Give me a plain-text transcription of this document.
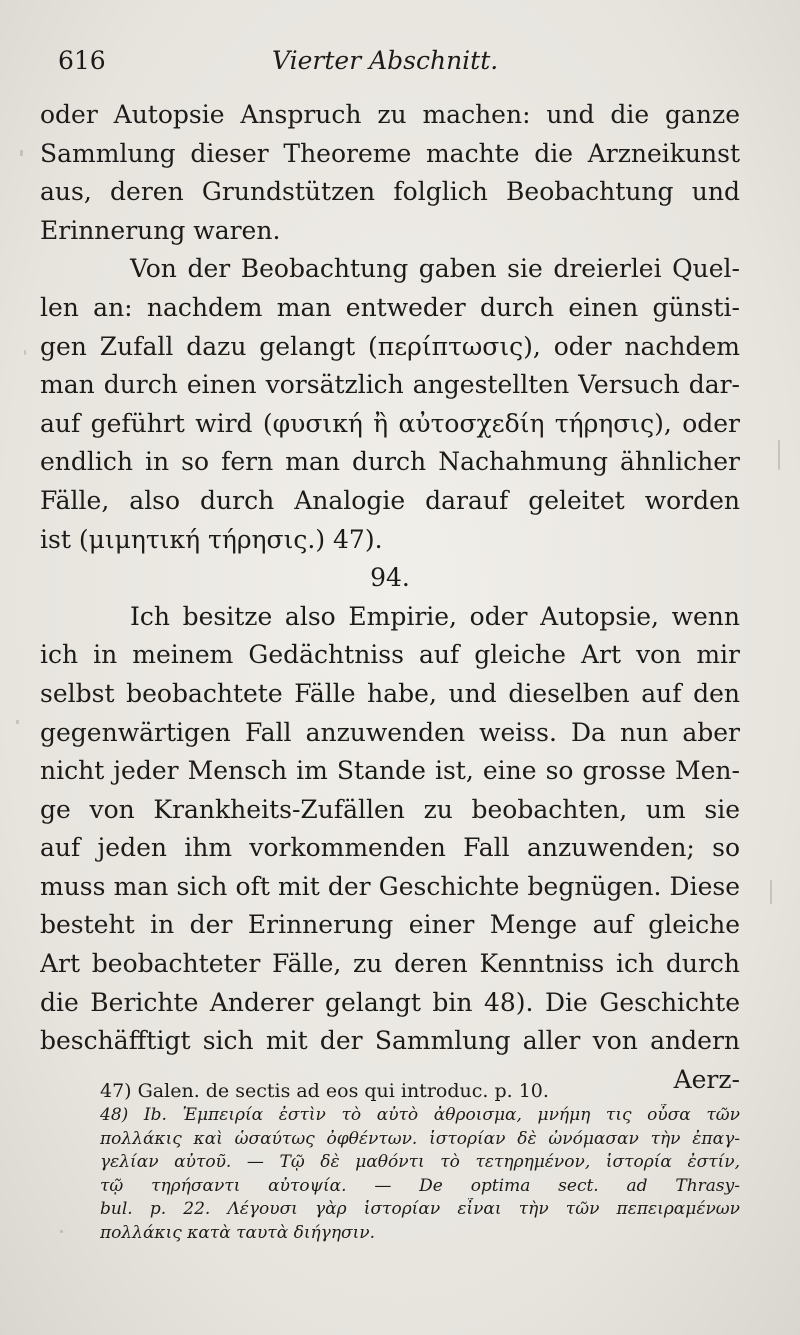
616	Vierter Abschnitt.
oder Autopsie Anspruch zu machen: und die ganze
Sammlung dieser Theoreme machte die Arzneikunst
aus, deren Grundstützen folglich Beobachtung und
Erinnerung waren.
Von der Beobachtung gaben sie dreierlei Quel-
len an: nachdem man entweder durch einen günsti-
gen Zufall dazu gelangt (περίπτωσις), oder nachdem
man durch einen vorsätzlich angestellten Versuch dar-
auf geführt wird (φυσική ἢ αὐτοσχεδίη τήρησις), oder
endlich in so fern man durch Nachahmung ähnlicher
Fälle, also durch Analogie darauf geleitet worden
ist (μιμητική τήρησις.) 47).
94.
Ich besitze also Empirie, oder Autopsie, wenn
ich in meinem Gedächtniss auf gleiche Art von mir
selbst beobachtete Fälle habe, und dieselben auf den
gegenwärtigen Fall anzuwenden weiss. Da nun aber
nicht jeder Mensch im Stande ist, eine so grosse Men-
ge von Krankheits-Zufällen zu beobachten, um sie
auf jeden ihm vorkommenden Fall anzuwenden; so
muss man sich oft mit der Geschichte begnügen. Diese
besteht in der Erinnerung einer Menge auf gleiche
Art beobachteter Fälle, zu deren Kenntniss ich durch
die Berichte Anderer gelangt bin 48). Die Geschichte
beschäfftigt sich mit der Sammlung aller von andern
Aerz-
47) Galen. de sectis ad eos qui introduc. p. 10.
48) Ib. Ἐμπειρία ἐστὶν τὸ αὐτὸ ἀθροισμα, μνήμη τις οὖσα τῶν
πολλάκις καὶ ὡσαύτως ὀφθέντων. ἱστορίαν δὲ ὠνόμασαν τὴν ἐπαγ-
γελίαν αὐτοῦ. — Τῷ δὲ μαθόντι τὸ τετηρημένον, ἱστορία ἐστίν,
τῷ τηρήσαντι αὐτοψία. — De optima sect. ad Thrasy-
bul. p. 22. Λέγουσι γὰρ ἱστορίαν εἶναι τὴν τῶν πεπειραμένων
πολλάκις κατὰ ταυτὰ διήγησιν.
